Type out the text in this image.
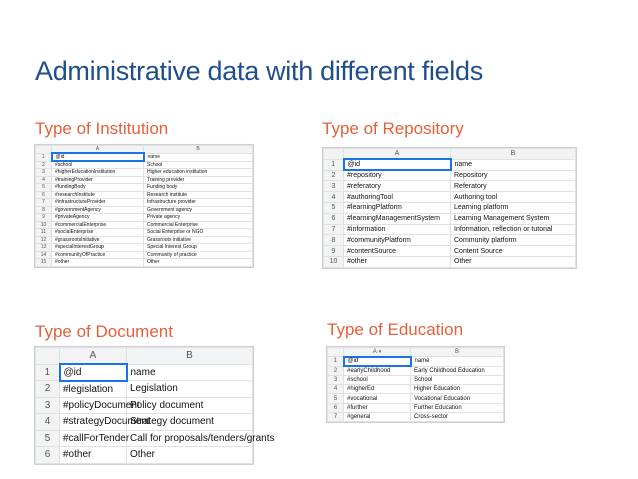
Administrative data with different fields
Type of Institution	Type of Repository
Type of Document	Type of Education
	A	B
1	@id	name
2	#school	School
3	#higherEducationInstitution	Higher education institution
4	#trainingProvider	Training provider
5	#fundingBody	Funding body
6	#researchInstitute	Research institute
7	#infrastructureProvider	Infrastructure provider
8	#governmentAgency	Government agency
9	#privateAgency	Private agency
10	#commercialEnterprise	Commercial Enterprise
11	#socialEnterprise	Social Enterprise or NGO
12	#grassrootsInitiative	Grassroots initiative
13	#specialInterestGroup	Special Interest Group
14	#communityOfPractice	Community of practice
15	#other	Other
	A	B
1	@id	name
2	#repository	Repository
3	#referatory	Referatory
4	#authoringTool	Authoring tool
5	#learningPlatform	Learning platform
6	#learningManagementSystem	Learning Management System
7	#information	Information, reflection or tutorial
8	#communityPlatform	Community platform
9	#contentSource	Content Source
10	#other	Other
	A	B
1	@id	name
2	#legislation	Legislation
3	#policyDocument	Policy document
4	#strategyDocument	Strategy document
5	#callForTender	Call for proposals/tenders/grants
6	#other	Other
	A ▾	B
1	@id	name
2	#earlyChildhood	Early Childhood Education
3	#school	School
4	#higherEd	Higher Education
5	#vocational	Vocational Education
6	#further	Further Education
7	#general	Cross-sector
